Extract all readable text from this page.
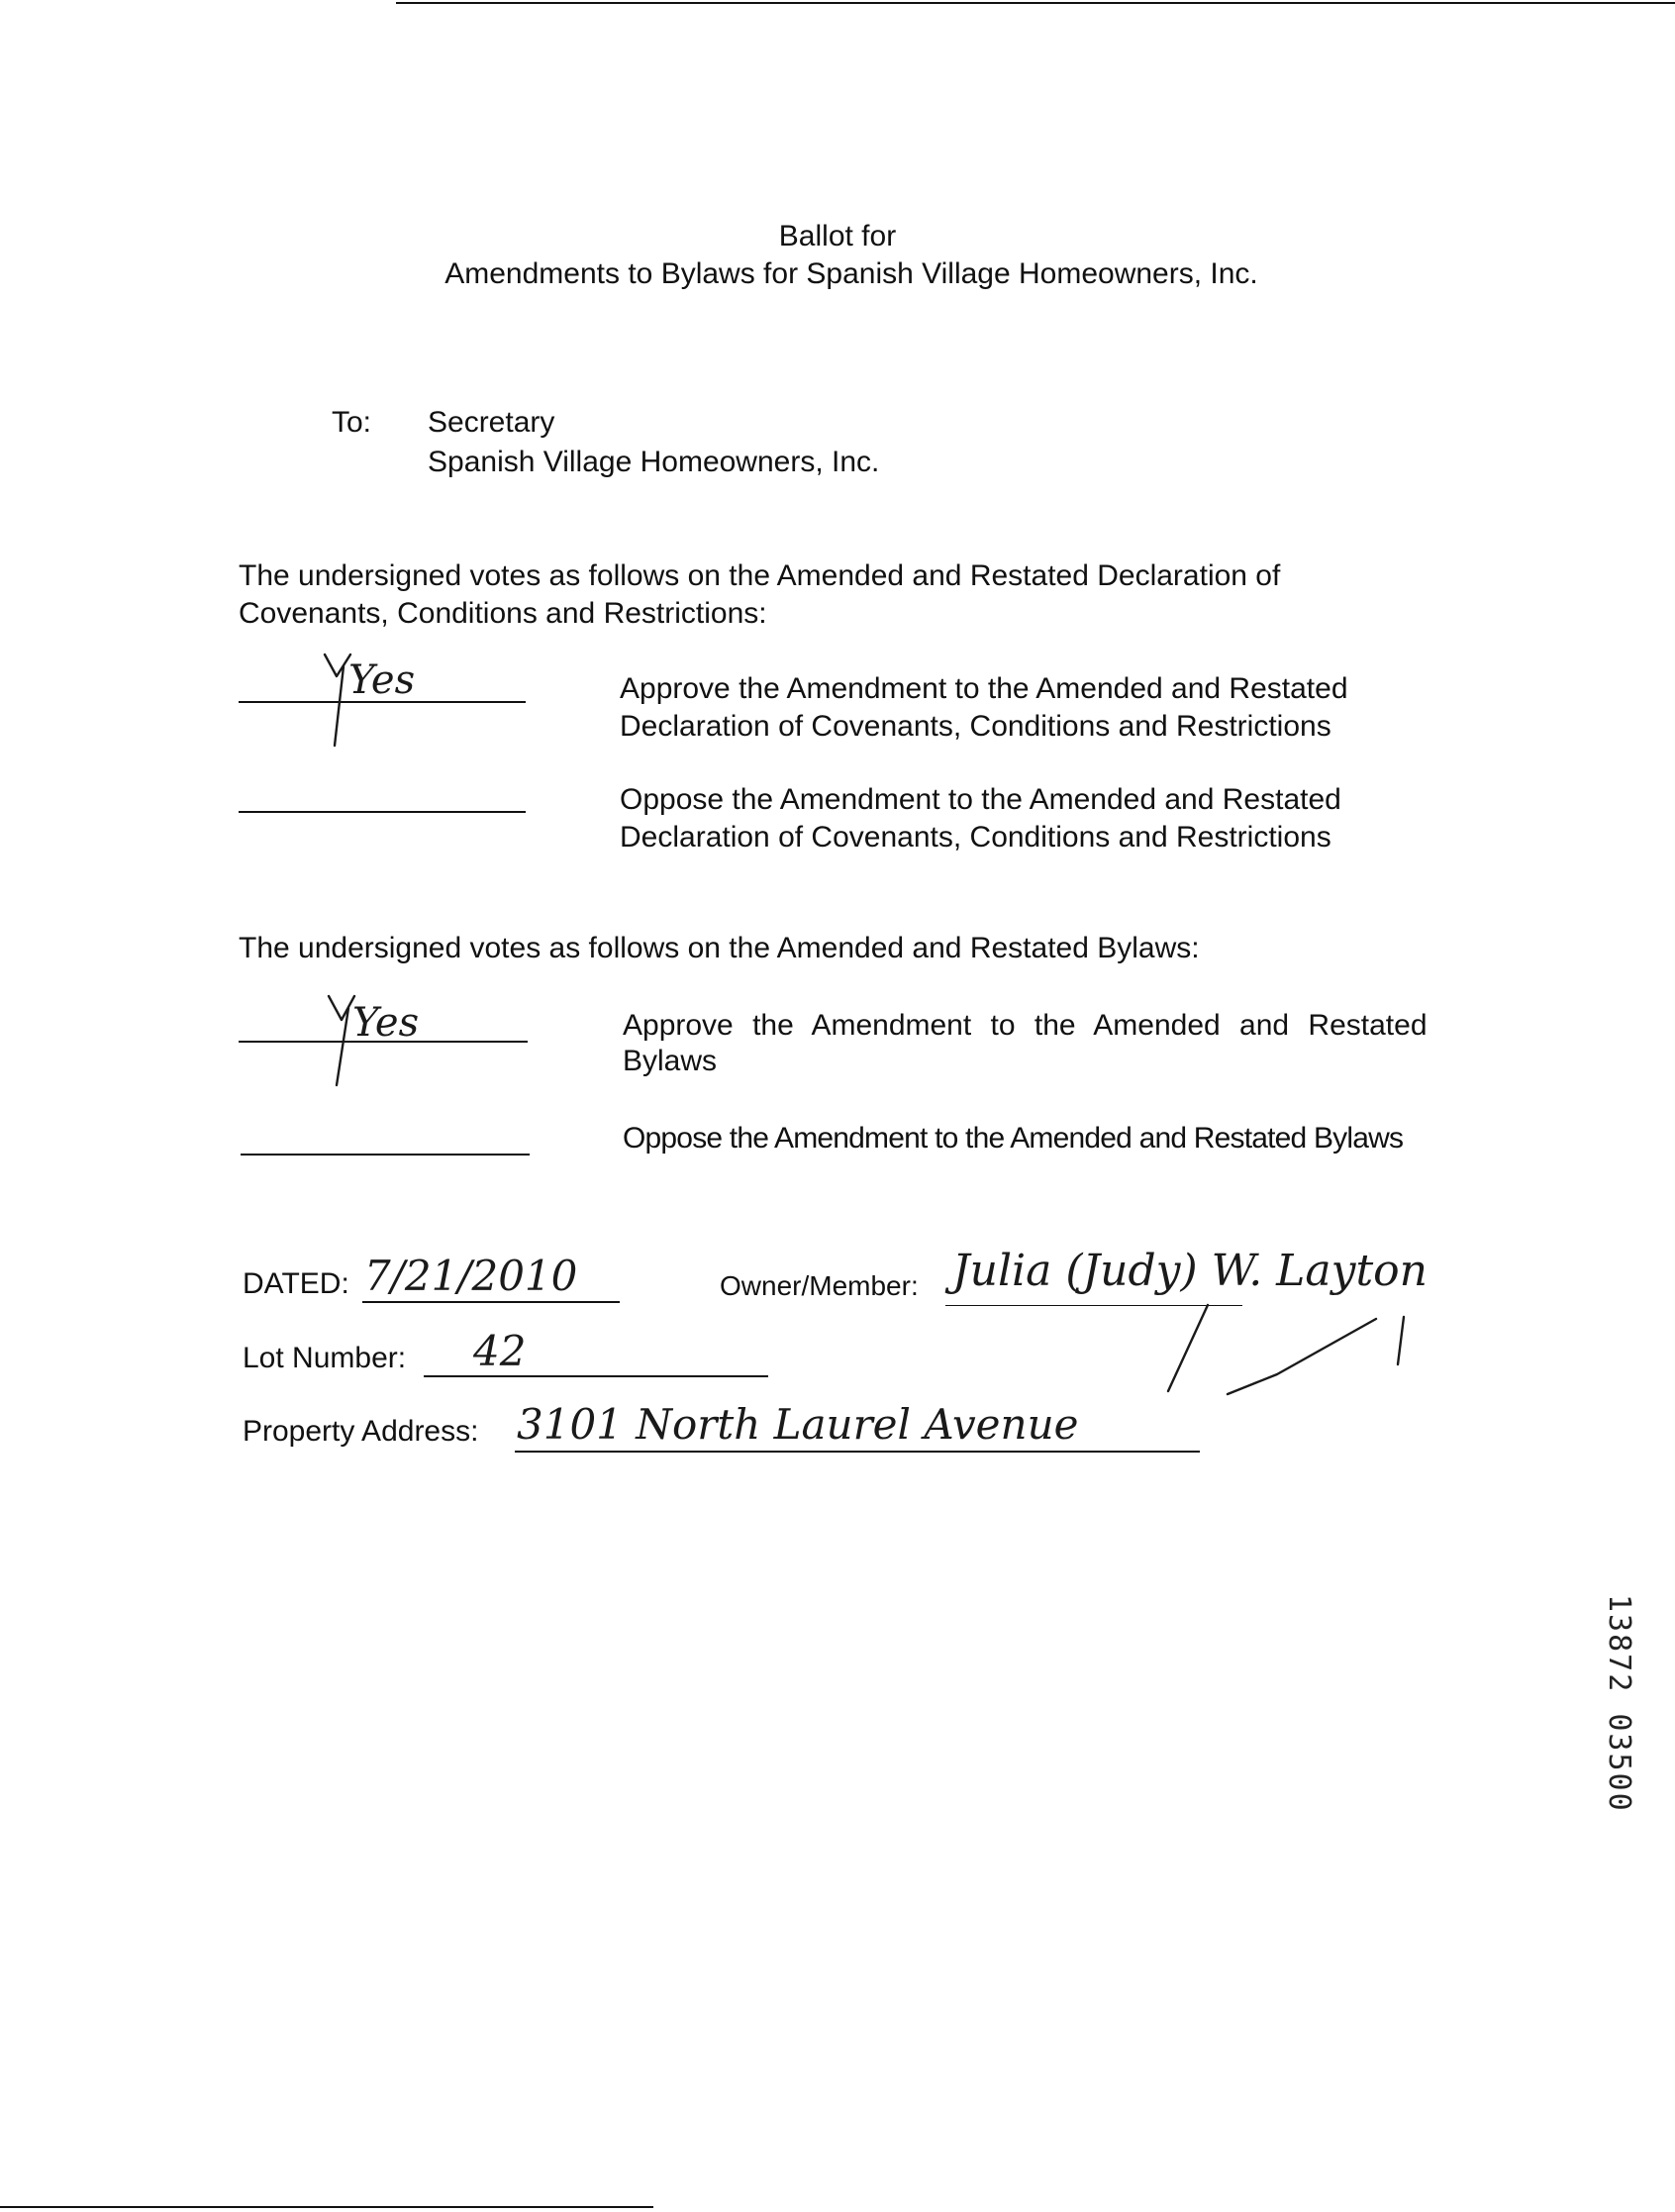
Ballot for
Amendments to Bylaws for Spanish Village Homeowners, Inc.
To: Secretary
Spanish Village Homeowners, Inc.
The undersigned votes as follows on the Amended and Restated Declaration of
Covenants, Conditions and Restrictions:
Yes	Approve the Amendment to the Amended and Restated
Declaration of Covenants, Conditions and Restrictions
Oppose the Amendment to the Amended and Restated
Declaration of Covenants, Conditions and Restrictions
The undersigned votes as follows on the Amended and Restated Bylaws:
Yes	Approve the Amendment to the Amended and Restated
Bylaws
Oppose the Amendment to the Amended and Restated Bylaws
DATED: 7/21/2010	Owner/Member: Julia (Judy) W. Layton
Lot Number: 42
Property Address: 3101 North Laurel Avenue
13872 03500
